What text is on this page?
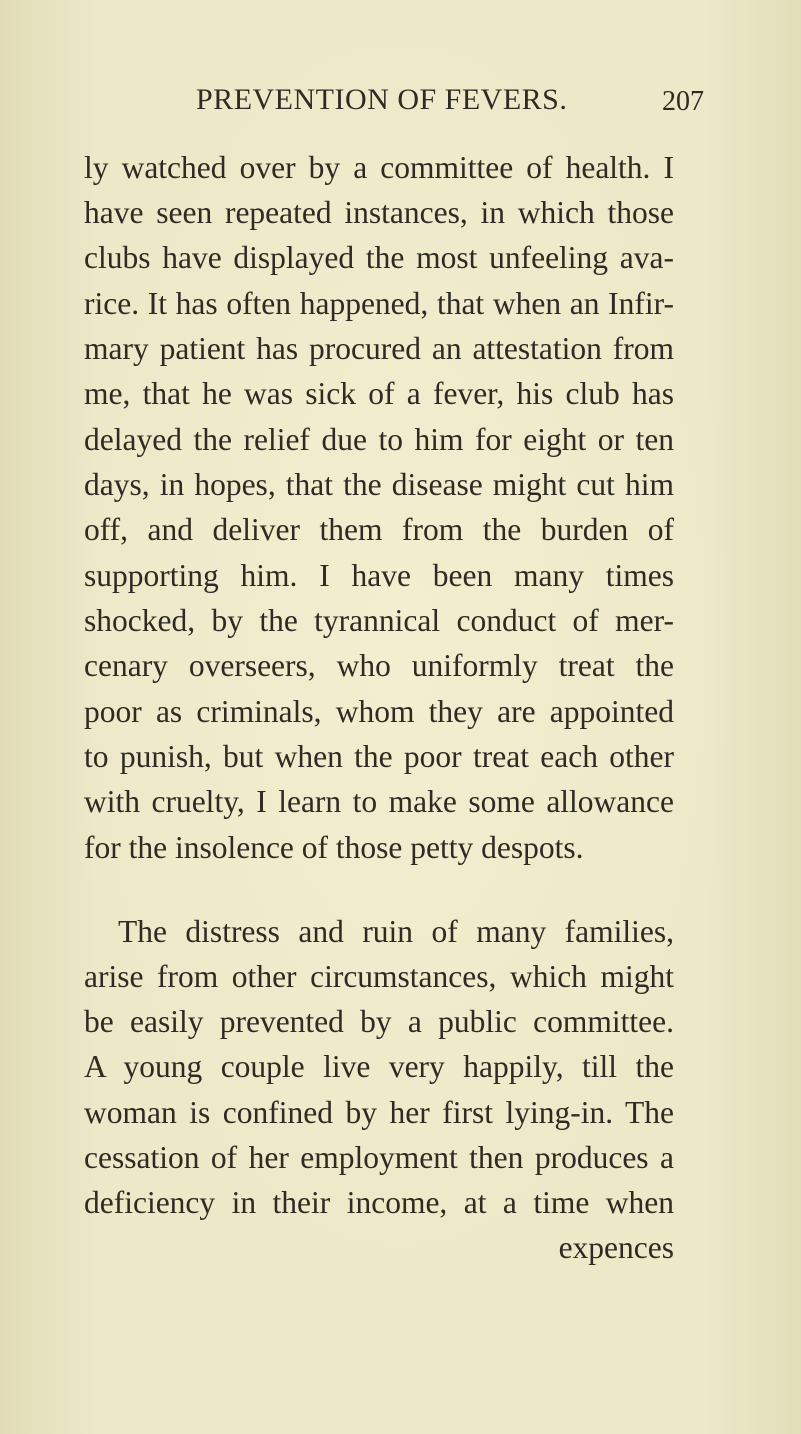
PREVENTION OF FEVERS.	207
ly watched over by a committee of health. I
have seen repeated instances, in which those
clubs have displayed the most unfeeling ava-
rice. It has often happened, that when an Infir-
mary patient has procured an attestation from
me, that he was sick of a fever, his club has
delayed the relief due to him for eight or ten
days, in hopes, that the disease might cut him
off, and deliver them from the burden of
supporting him. I have been many times
shocked, by the tyrannical conduct of mer-
cenary overseers, who uniformly treat the
poor as criminals, whom they are appointed
to punish, but when the poor treat each other
with cruelty, I learn to make some allowance
for the insolence of those petty despots.
The distress and ruin of many families,
arise from other circumstances, which might
be easily prevented by a public committee.
A young couple live very happily, till the
woman is confined by her first lying-in. The
cessation of her employment then produces a
deficiency in their income, at a time when
expences
